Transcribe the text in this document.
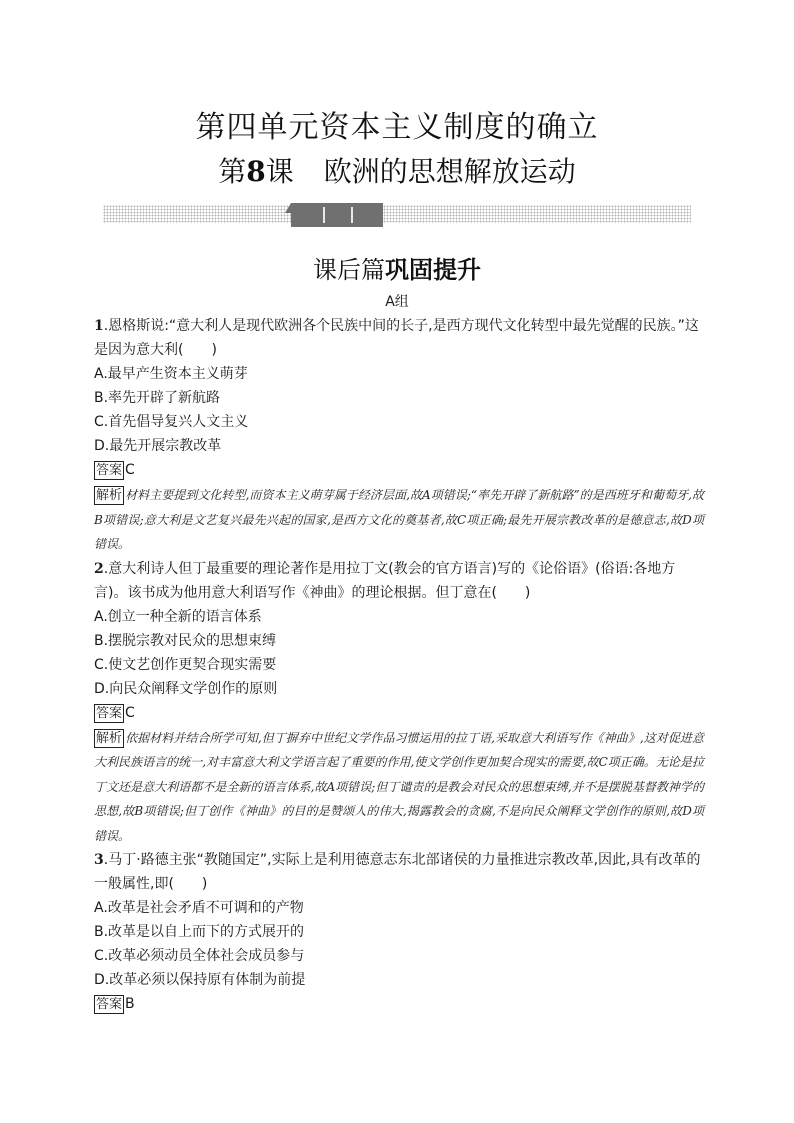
第四单元资本主义制度的确立
第8课 欧洲的思想解放运动
课后篇巩固提升
A组

1.恩格斯说:“意大利人是现代欧洲各个民族中间的长子,是西方现代文化转型中最先觉醒的民族。”这是因为意大利(　　)

A.最早产生资本主义萌芽

B.率先开辟了新航路

C.首先倡导复兴人文主义

D.最先开展宗教改革

答案 C

解析 材料主要提到文化转型,而资本主义萌芽属于经济层面,故A项错误;“率先开辟了新航路”的是西班牙和葡萄牙,故B项错误;意大利是文艺复兴最先兴起的国家,是西方文化的奠基者,故C项正确;最先开展宗教改革的是德意志,故D项错误。

2.意大利诗人但丁最重要的理论著作是用拉丁文(教会的官方语言)写的《论俗语》(俗语:各地方言)。该书成为他用意大利语写作《神曲》的理论根据。但丁意在(　　)

A.创立一种全新的语言体系

B.摆脱宗教对民众的思想束缚

C.使文艺创作更契合现实需要

D.向民众阐释文学创作的原则

答案 C

解析 依据材料并结合所学可知,但丁摒弃中世纪文学作品习惯运用的拉丁语,采取意大利语写作《神曲》,这对促进意大利民族语言的统一,对丰富意大利文学语言起了重要的作用,使文学创作更加契合现实的需要,故C项正确。无论是拉丁文还是意大利语都不是全新的语言体系,故A项错误;但丁谴责的是教会对民众的思想束缚,并不是摆脱基督教神学的思想,故B项错误;但丁创作《神曲》的目的是赞颂人的伟大,揭露教会的贪腐,不是向民众阐释文学创作的原则,故D项错误。

3.马丁·路德主张“教随国定”,实际上是利用德意志东北部诸侯的力量推进宗教改革,因此,具有改革的一般属性,即(　　)

A.改革是社会矛盾不可调和的产物

B.改革是以自上而下的方式展开的

C.改革必须动员全体社会成员参与

D.改革必须以保持原有体制为前提

答案 B
